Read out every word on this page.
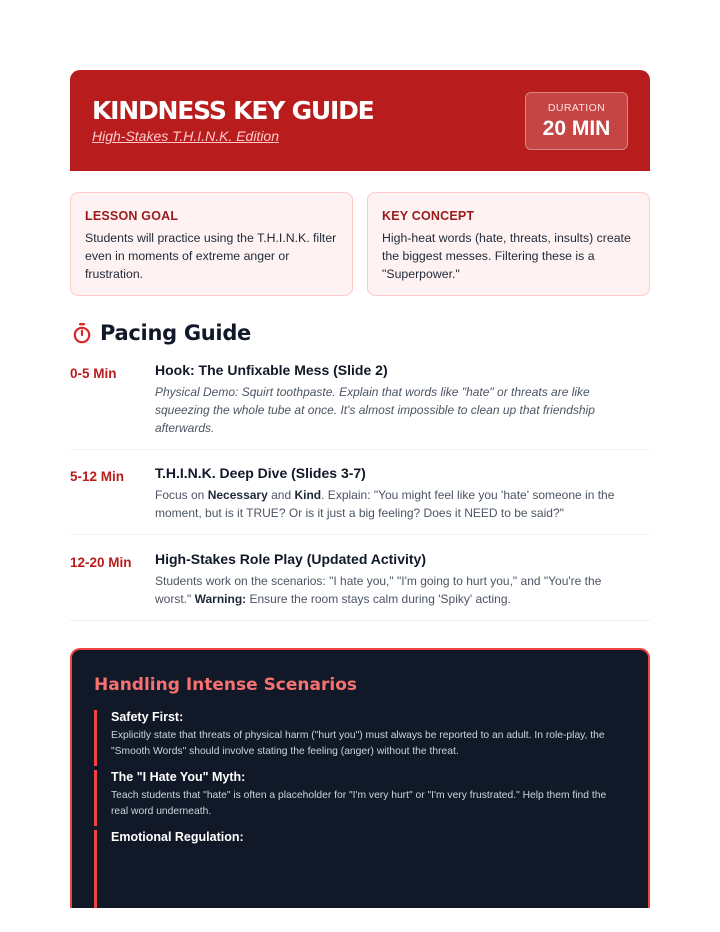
KINDNESS KEY GUIDE
High-Stakes T.H.I.N.K. Edition
DURATION
20 MIN
LESSON GOAL
Students will practice using the T.H.I.N.K. filter even in moments of extreme anger or frustration.
KEY CONCEPT
High-heat words (hate, threats, insults) create the biggest messes. Filtering these is a "Superpower."
Pacing Guide
0-5 Min	Hook: The Unfixable Mess (Slide 2)
Physical Demo: Squirt toothpaste. Explain that words like "hate" or threats are like squeezing the whole tube at once. It's almost impossible to clean up that friendship afterwards.
5-12 Min T.H.I.N.K. Deep Dive (Slides 3-7)
Focus on Necessary and Kind. Explain: "You might feel like you 'hate' someone in the moment, but is it TRUE? Or is it just a big feeling? Does it NEED to be said?"
12-20 Min High-Stakes Role Play (Updated Activity)
Students work on the scenarios: "I hate you," "I'm going to hurt you," and "You're the worst." Warning: Ensure the room stays calm during 'Spiky' acting.
Handling Intense Scenarios
Safety First:
Explicitly state that threats of physical harm ("hurt you") must always be reported to an adult. In role-play, the "Smooth Words" should involve stating the feeling (anger) without the threat.
The "I Hate You" Myth:
Teach students that "hate" is often a placeholder for "I'm very hurt" or "I'm very frustrated." Help them find the real word underneath.
Emotional Regulation:
